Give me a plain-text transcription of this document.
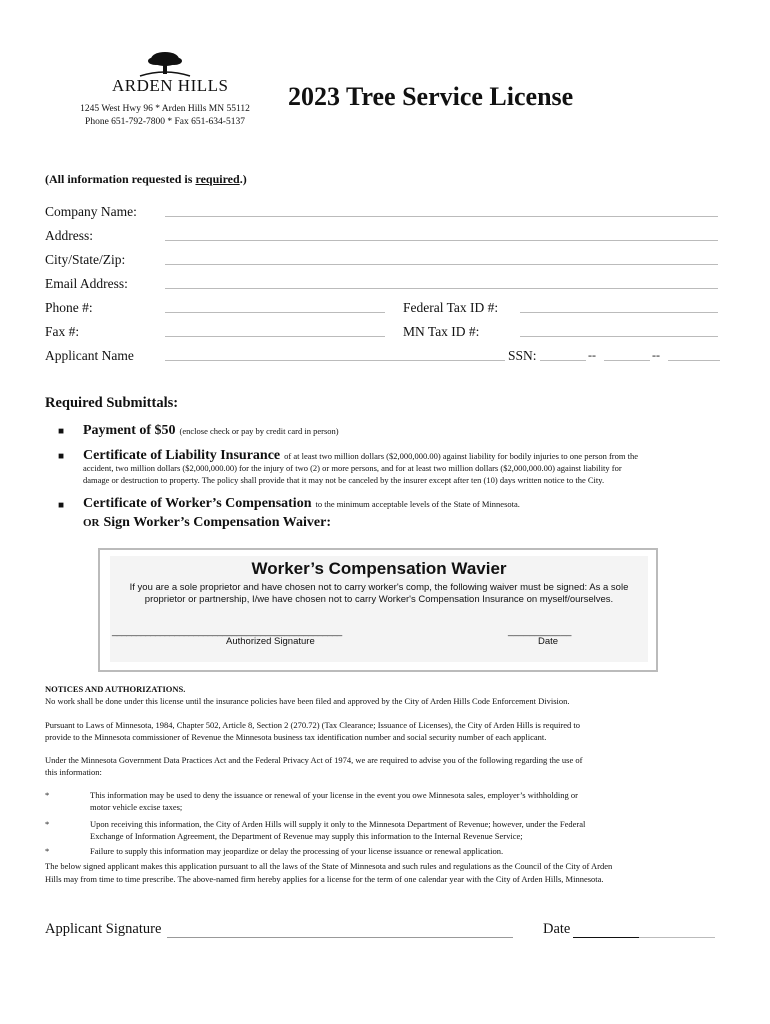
ARDEN HILLS
1245 West Hwy 96 * Arden Hills MN 55112
Phone 651-792-7800 * Fax 651-634-5137
2023 Tree Service License
(All information requested is required.)
Company Name:
Address:
City/State/Zip:
Email Address:
Phone #:	Federal Tax ID #:
Fax #:	MN Tax ID #:
Applicant Name	SSN:	--	--
Required Submittals:
■ Payment of $50 (enclose check or pay by credit card in person)
■ Certificate of Liability Insurance of at least two million dollars ($2,000,000.00) against liability for bodily injuries to one person from the
accident, two million dollars ($2,000,000.00) for the injury of two (2) or more persons, and for at least two million dollars ($2,000,000.00) against liability for
damage or destruction to property. The policy shall provide that it may not be canceled by the insurer except after ten (10) days written notice to the City.
■ Certificate of Worker’s Compensation to the minimum acceptable levels of the State of Minnesota.
OR Sign Worker’s Compensation Waiver:
Worker’s Compensation Wavier
If you are a sole proprietor and have chosen not to carry worker's comp, the following waiver must be signed: As a sole proprietor or partnership, I/we have chosen not to carry Worker's Compensation Insurance on myself/ourselves.
________________________________________________
Authorized Signature
____________
Date
NOTICES AND AUTHORIZATIONS.
No work shall be done under this license until the insurance policies have been filed and approved by the City of Arden Hills Code Enforcement Division.
Pursuant to Laws of Minnesota, 1984, Chapter 502, Article 8, Section 2 (270.72) (Tax Clearance; Issuance of Licenses), the City of Arden Hills is required to
provide to the Minnesota commissioner of Revenue the Minnesota business tax identification number and social security number of each applicant.
Under the Minnesota Government Data Practices Act and the Federal Privacy Act of 1974, we are required to advise you of the following regarding the use of
this information:
*	This information may be used to deny the issuance or renewal of your license in the event you owe Minnesota sales, employer’s withholding or
motor vehicle excise taxes;
*	Upon receiving this information, the City of Arden Hills will supply it only to the Minnesota Department of Revenue; however, under the Federal
Exchange of Information Agreement, the Department of Revenue may supply this information to the Internal Revenue Service;
*	Failure to supply this information may jeopardize or delay the processing of your license issuance or renewal application.
The below signed applicant makes this application pursuant to all the laws of the State of Minnesota and such rules and regulations as the Council of the City of Arden
Hills may from time to time prescribe. The above-named firm hereby applies for a license for the term of one calendar year with the City of Arden Hills, Minnesota.
Applicant Signature	Date
